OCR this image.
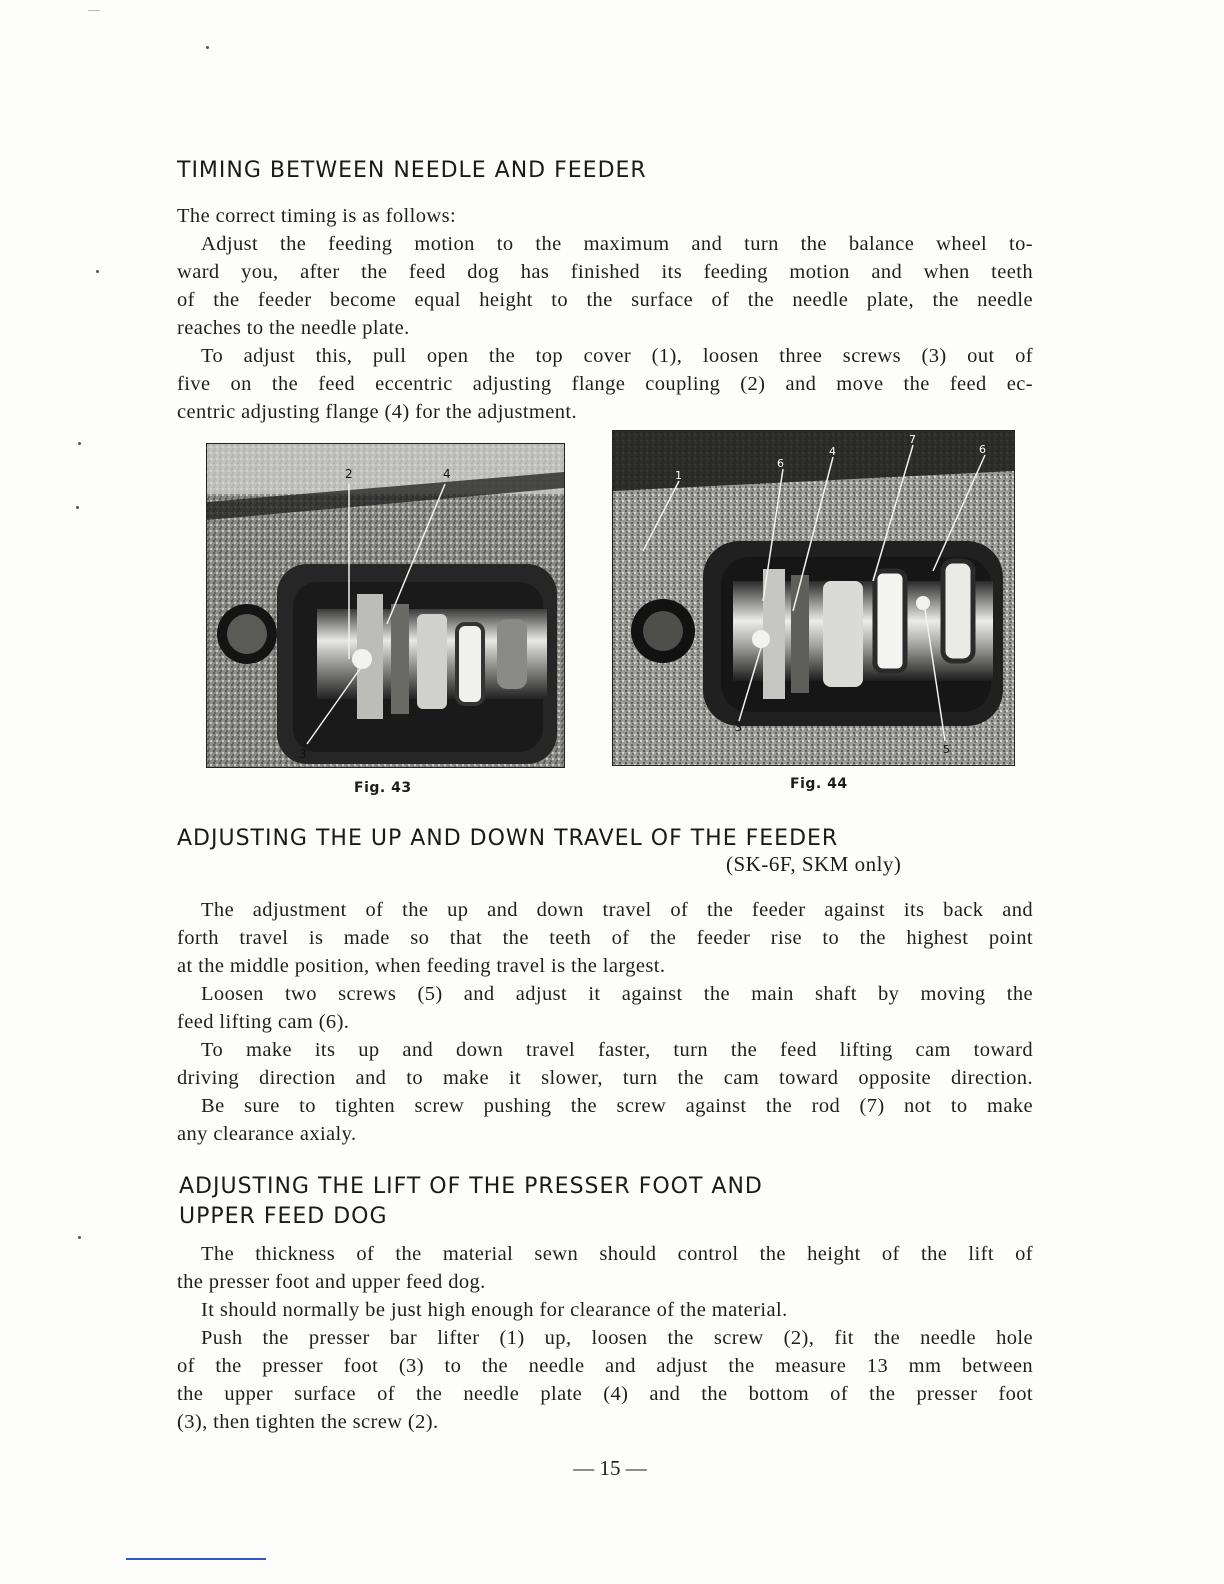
TIMING BETWEEN NEEDLE AND FEEDER
The correct timing is as follows:
Adjust the feeding motion to the maximum and turn the balance wheel to-
ward you, after the feed dog has finished its feeding motion and when teeth
of the feeder become equal height to the surface of the needle plate, the needle
reaches to the needle plate.
To adjust this, pull open the top cover (1), loosen three screws (3) out of
five on the feed eccentric adjusting flange coupling (2) and move the feed ec-
centric adjusting flange (4) for the adjustment.
2	4
3
Fig. 43
1
6
4
7
6
3
5
Fig. 44
ADJUSTING THE UP AND DOWN TRAVEL OF THE FEEDER
(SK-6F, SKM only)
The adjustment of the up and down travel of the feeder against its back and
forth travel is made so that the teeth of the feeder rise to the highest point
at the middle position, when feeding travel is the largest.
Loosen two screws (5) and adjust it against the main shaft by moving the
feed lifting cam (6).
To make its up and down travel faster, turn the feed lifting cam toward
driving direction and to make it slower, turn the cam toward opposite direction.
Be sure to tighten screw pushing the screw against the rod (7) not to make
any clearance axialy.
ADJUSTING THE LIFT OF THE PRESSER FOOT AND
UPPER FEED DOG
The thickness of the material sewn should control the height of the lift of
the presser foot and upper feed dog.
It should normally be just high enough for clearance of the material.
Push the presser bar lifter (1) up, loosen the screw (2), fit the needle hole
of the presser foot (3) to the needle and adjust the measure 13 mm between
the upper surface of the needle plate (4) and the bottom of the presser foot
(3), then tighten the screw (2).
— 15 —
